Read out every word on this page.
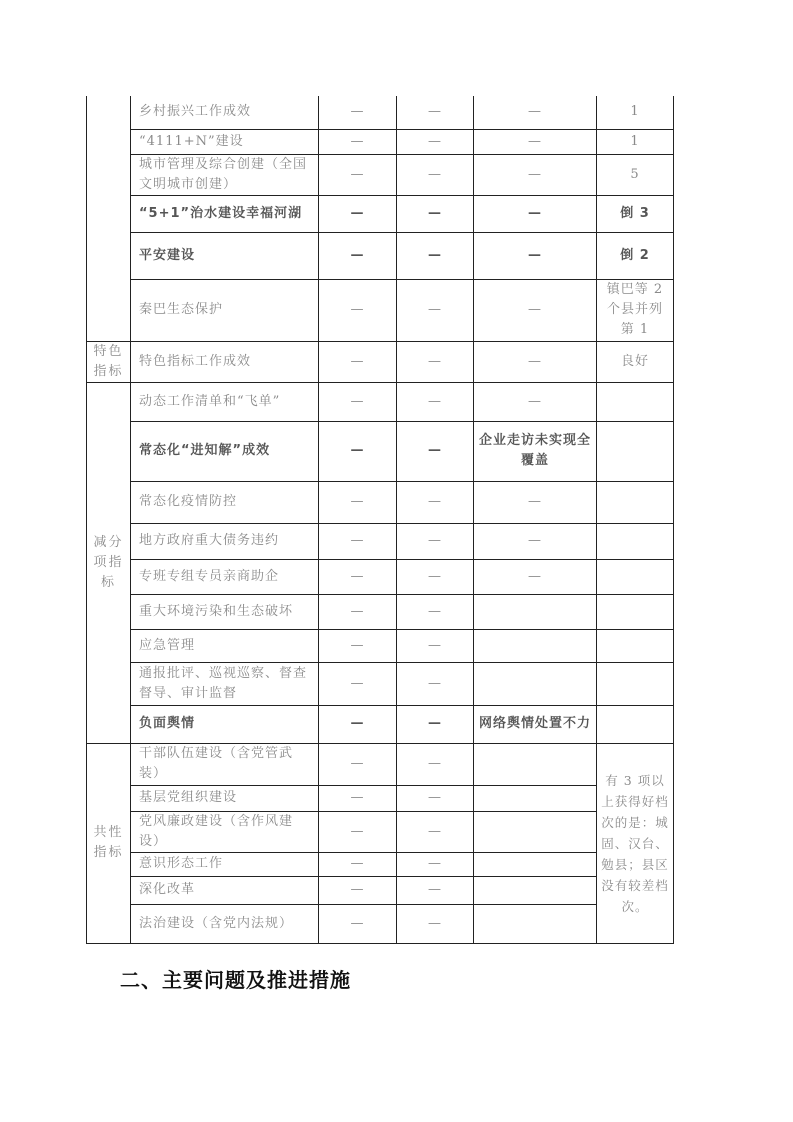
	乡村振兴工作成效	—	—	—	1
	“4111+N”建设	—	—	—	1
	城市管理及综合创建（全国文明城市创建）	—	—	—	5
	“5+1”治水建设幸福河湖	—	—	—	倒 3
	平安建设	—	—	—	倒 2
	秦巴生态保护	—	—	—	镇巴等 2 个县并列第 1
特色指标	特色指标工作成效	—	—	—	良好
减分项指标	动态工作清单和“飞单”	—	—	—	
	常态化“进知解”成效	—	—	企业走访未实现全覆盖	
	常态化疫情防控	—	—	—	
	地方政府重大债务违约	—	—	—	
	专班专组专员亲商助企	—	—	—	
	重大环境污染和生态破坏	—	—		
	应急管理	—	—		
	通报批评、巡视巡察、督查督导、审计监督	—	—		
	负面舆情	—	—	网络舆情处置不力	
共性指标	干部队伍建设（含党管武装）	—	—		有 3 项以上获得好档次的是：城固、汉台、勉县；县区没有较差档次。
	基层党组织建设	—	—		
	党风廉政建设（含作风建设）	—	—		
	意识形态工作	—	—		
	深化改革	—	—		
	法治建设（含党内法规）	—	—		
二、主要问题及推进措施
